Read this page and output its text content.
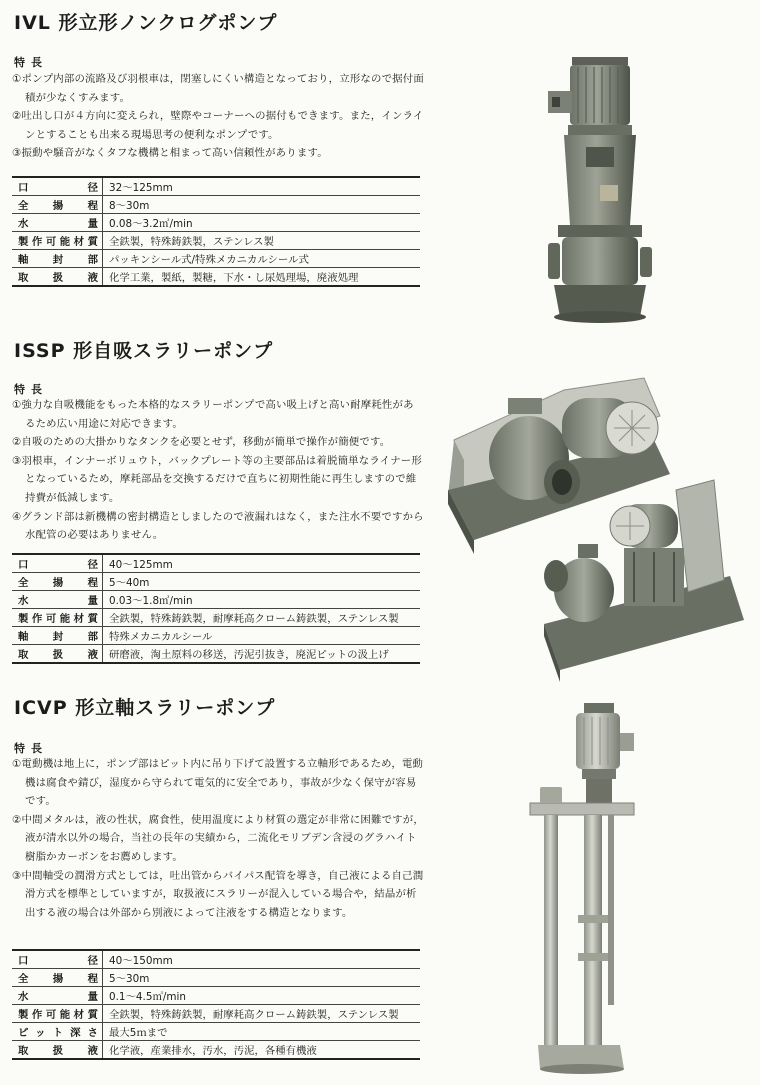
IVL 形立形ノンクログポンプ
特長
①ポンプ内部の流路及び羽根車は，閉塞しにくい構造となっており，立形なので据付面積が少なくすみます。
②吐出し口が４方向に変えられ，壁際やコーナーへの据付もできます。また，インラインとすることも出来る現場思考の便利なポンプです。
③振動や騒音がなくタフな機構と相まって高い信頼性があります。
口径	32～125mm
全揚程	8～30m
水量	0.08～3.2㎥/min
製作可能材質	全鉄製，特殊鋳鉄製，ステンレス製
軸封部	パッキンシール式/特殊メカニカルシール式
取扱液	化学工業，製紙，製糖，下水・し尿処理場，廃液処理
ISSP 形自吸スラリーポンプ
特長
①強力な自吸機能をもった本格的なスラリーポンプで高い吸上げと高い耐摩耗性があるため広い用途に対応できます。
②自吸のための大掛かりなタンクを必要とせず，移動が簡単で操作が簡便です。
③羽根車，インナーボリュウト，バックプレート等の主要部品は着脱簡単なライナー形となっているため，摩耗部品を交換するだけで直ちに初期性能に再生しますので維持費が低減します。
④グランド部は新機構の密封構造としましたので液漏れはなく，また注水不要ですから水配管の必要はありません。
口径	40～125mm
全揚程	5～40m
水量	0.03～1.8㎥/min
製作可能材質	全鉄製，特殊鋳鉄製，耐摩耗高クローム鋳鉄製，ステンレス製
軸封部	特殊メカニカルシール
取扱液	研磨液，淘土原料の移送，汚泥引抜き，廃泥ピットの汲上げ
ICVP 形立軸スラリーポンプ
特長
①電動機は地上に，ポンプ部はピット内に吊り下げて設置する立軸形であるため，電動機は腐食や錆び，湿度から守られて電気的に安全であり，事故が少なく保守が容易です。
②中間メタルは，液の性状，腐食性，使用温度により材質の選定が非常に困難ですが，液が清水以外の場合，当社の長年の実績から，二流化モリブデン含浸のグラハイト樹脂かカーボンをお薦めします。
③中間軸受の潤滑方式としては，吐出管からバイパス配管を導き，自己液による自己潤滑方式を標準としていますが，取扱液にスラリーが混入している場合や，結晶が析出する液の場合は外部から別液によって注液をする構造となります。
口径	40～150mm
全揚程	5～30m
水量	0.1～4.5㎥/min
製作可能材質	全鉄製，特殊鋳鉄製，耐摩耗高クローム鋳鉄製，ステンレス製
ピット深さ	最大5ｍまで
取扱液	化学液，産業排水，汚水，汚泥，各種有機液
